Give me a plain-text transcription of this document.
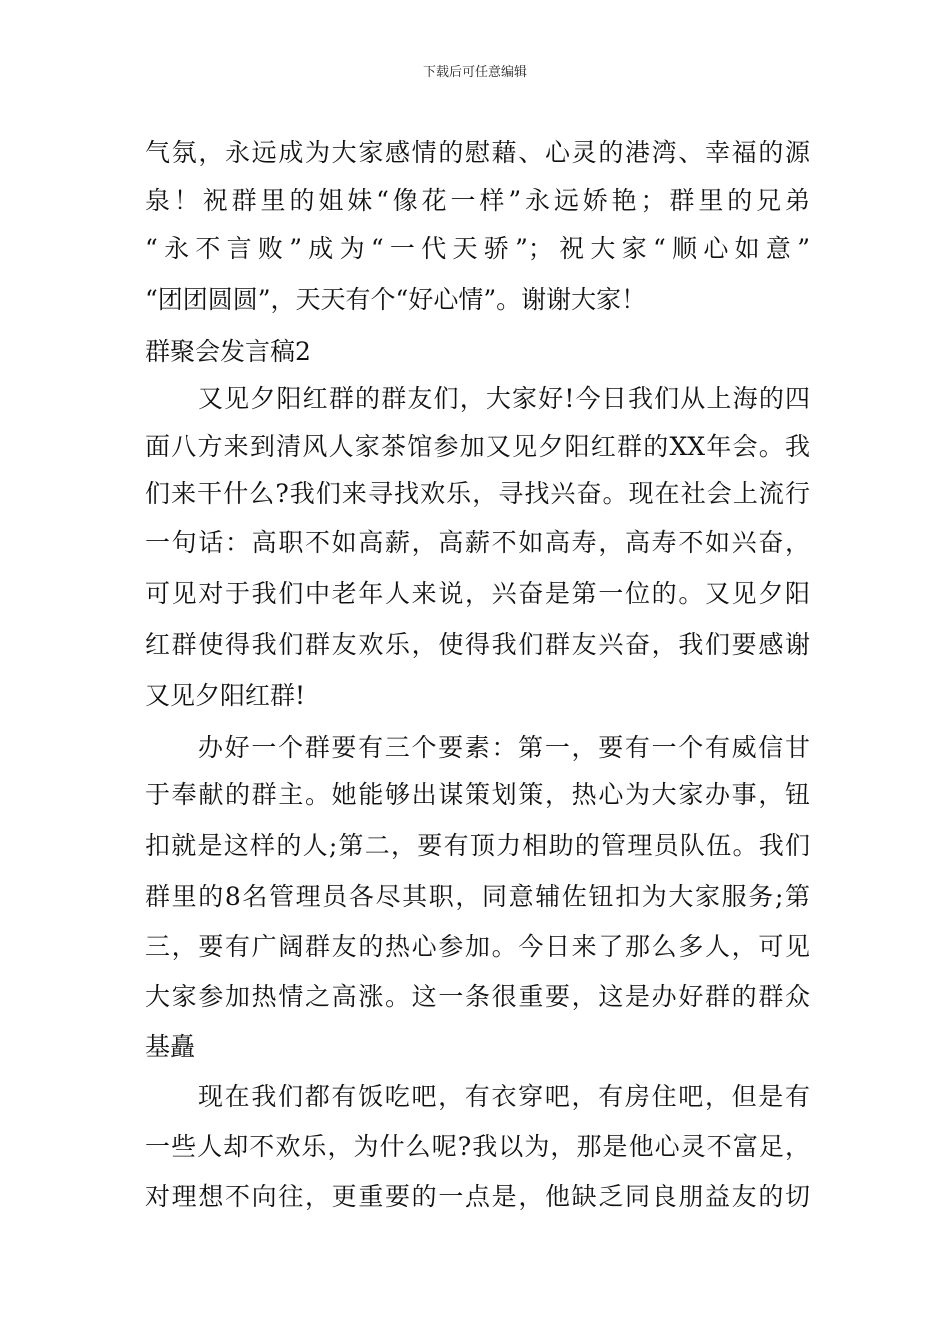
下载后可任意编辑
气氛，永远成为大家感情的慰藉、心灵的港湾、幸福的源
泉！祝群里的姐妹“像花一样”永远娇艳；群里的兄弟
“永不言败”成为“一代天骄”；祝大家“顺心如意”
“团团圆圆”，天天有个“好心情”。谢谢大家！
群聚会发言稿2
又见夕阳红群的群友们，大家好!今日我们从上海的四
面八方来到清风人家茶馆参加又见夕阳红群的XX年会。我
们来干什么?我们来寻找欢乐，寻找兴奋。现在社会上流行
一句话：高职不如高薪，高薪不如高寿，高寿不如兴奋，
可见对于我们中老年人来说，兴奋是第一位的。又见夕阳
红群使得我们群友欢乐，使得我们群友兴奋，我们要感谢
又见夕阳红群!
办好一个群要有三个要素：第一，要有一个有威信甘
于奉献的群主。她能够出谋策划策，热心为大家办事，钮
扣就是这样的人;第二，要有顶力相助的管理员队伍。我们
群里的8名管理员各尽其职，同意辅佐钮扣为大家服务;第
三，要有广阔群友的热心参加。今日来了那么多人，可见
大家参加热情之高涨。这一条很重要，这是办好群的群众
基矗
现在我们都有饭吃吧，有衣穿吧，有房住吧，但是有
一些人却不欢乐，为什么呢?我以为，那是他心灵不富足，
对理想不向往，更重要的一点是，他缺乏同良朋益友的切
